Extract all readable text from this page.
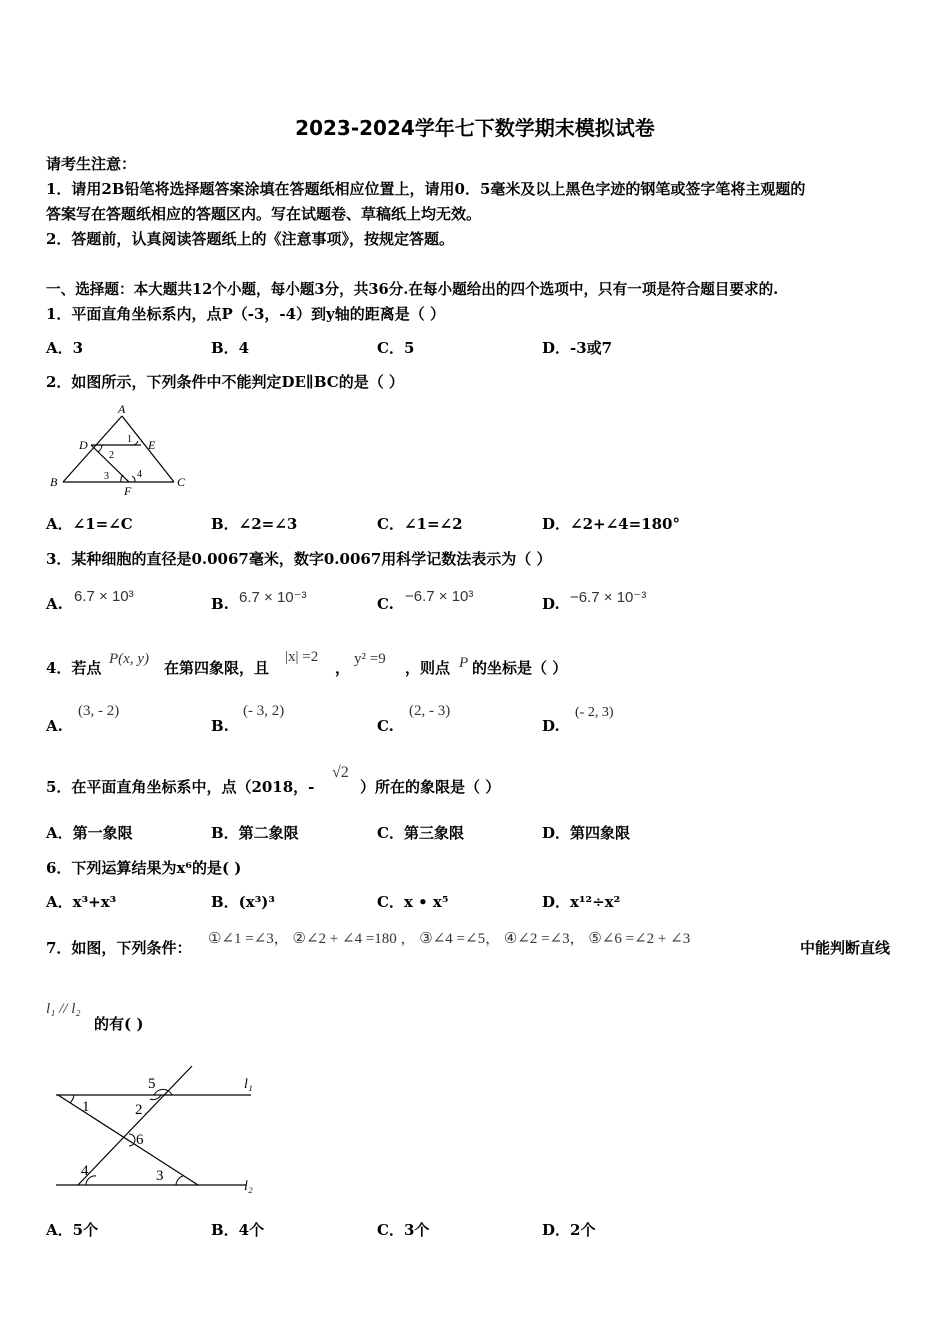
2023-2024学年七下数学期末模拟试卷
请考生注意：
1．请用2B铅笔将选择题答案涂填在答题纸相应位置上，请用0．5毫米及以上黑色字迹的钢笔或签字笔将主观题的
答案写在答题纸相应的答题区内。写在试题卷、草稿纸上均无效。
2．答题前，认真阅读答题纸上的《注意事项》，按规定答题。
一、选择题：本大题共12个小题，每小题3分，共36分.在每小题给出的四个选项中，只有一项是符合题目要求的.
1．平面直角坐标系内，点P（-3，-4）到y轴的距离是（ ）
A．3	B．4	C．5	D．-3或7
2．如图所示，下列条件中不能判定DE∥BC的是（ ）
A
B	C
D	E
F
1
2
3	4
A．∠1=∠C	B．∠2=∠3	C．∠1=∠2	D．∠2+∠4=180°
3．某种细胞的直径是0.0067毫米，数字0.0067用科学记数法表示为（ ）
A. 6.7 × 10³	B. 6.7 × 10⁻³	C. −6.7 × 10³	D. −6.7 × 10⁻³
4．若点 P(x, y) 在第四象限，且
|x| =2
， y² =9 ，则点 P 的坐标是（ ）
A.
(3, - 2)
B.
(- 3, 2)
C.
(2, - 3)
D.
(- 2, 3)
5．在平面直角坐标系中，点（2018，-
√2
）所在的象限是（ ）
A．第一象限	B．第二象限	C．第三象限	D．第四象限
6．下列运算结果为x⁶的是( )
A．x³+x³	B．(x³)³	C．x • x⁵	D．x¹²÷x²
7．如图，下列条件： ①∠1 =∠3， ②∠2 + ∠4 =180 ， ③∠4 =∠5， ④∠2 =∠3， ⑤∠6 =∠2 + ∠3	中能判断直线
l₁ // l₂
的有( )
1	2
3
4
5
6
l₁
l₂
A．5个	B．4个	C．3个	D．2个
